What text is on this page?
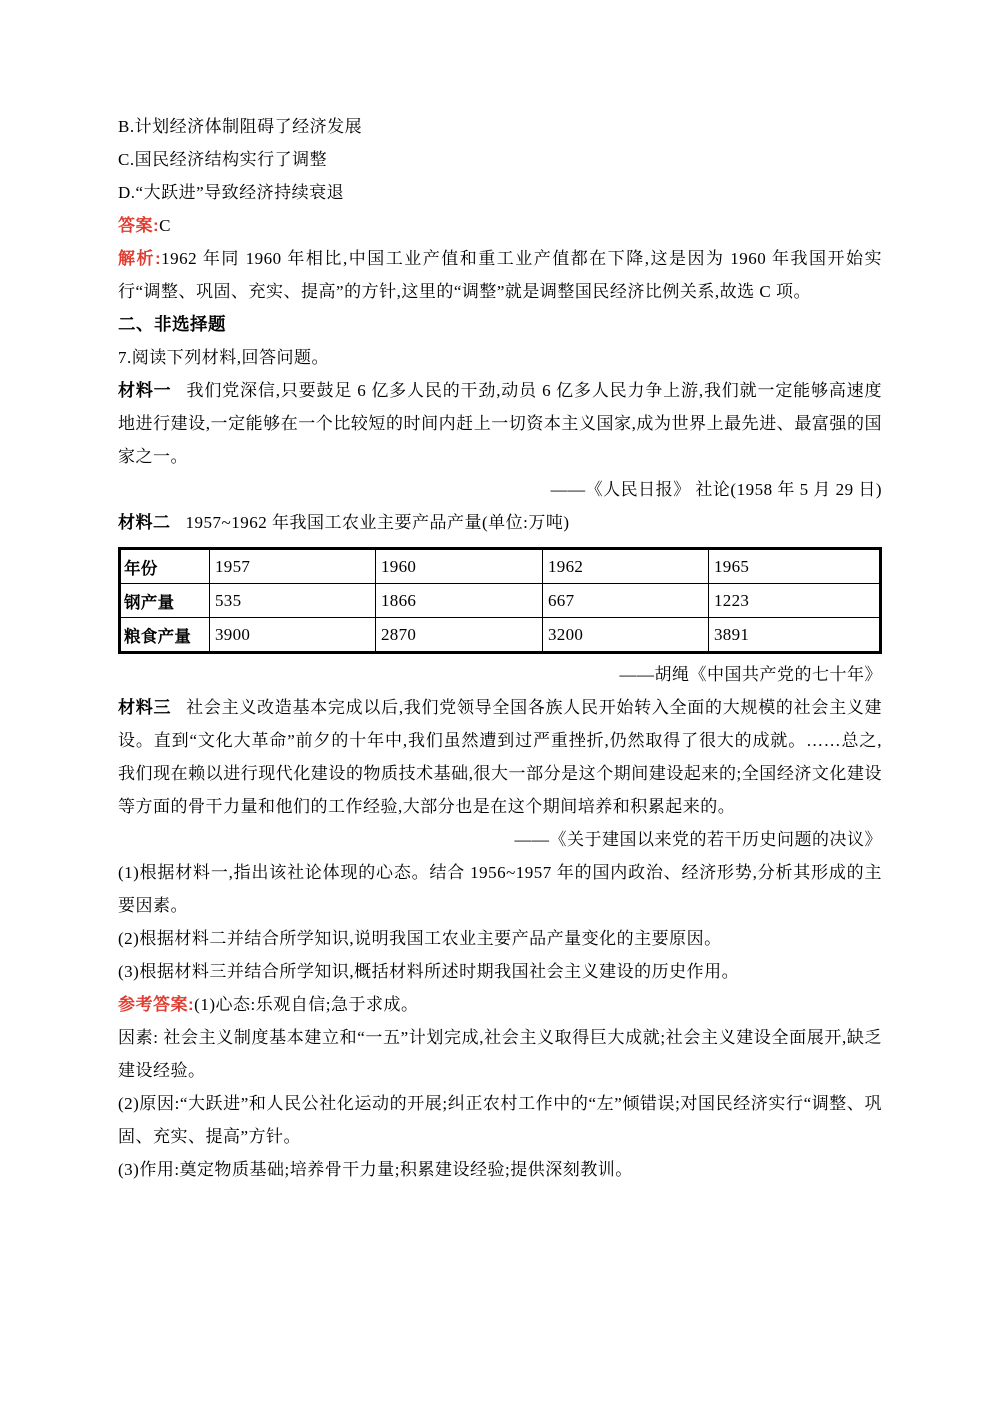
B.计划经济体制阻碍了经济发展

C.国民经济结构实行了调整

D.“大跃进”导致经济持续衰退

答案:C

解析:1962 年同 1960 年相比,中国工业产值和重工业产值都在下降,这是因为 1960 年我国开始实行“调整、巩固、充实、提高”的方针,这里的“调整”就是调整国民经济比例关系,故选 C 项。

二、非选择题

7.阅读下列材料,回答问题。

材料一 我们党深信,只要鼓足 6 亿多人民的干劲,动员 6 亿多人民力争上游,我们就一定能够高速度地进行建设,一定能够在一个比较短的时间内赶上一切资本主义国家,成为世界上最先进、最富强的国家之一。

——《人民日报》 社论(1958 年 5 月 29 日)

材料二 1957~1962 年我国工农业主要产品产量(单位:万吨)

年份	1957	1960	1962	1965
钢产量	535	1866	667	1223
粮食产量	3900	2870	3200	3891

——胡绳《中国共产党的七十年》

材料三 社会主义改造基本完成以后,我们党领导全国各族人民开始转入全面的大规模的社会主义建设。直到“文化大革命”前夕的十年中,我们虽然遭到过严重挫折,仍然取得了很大的成就。……总之,我们现在赖以进行现代化建设的物质技术基础,很大一部分是这个期间建设起来的;全国经济文化建设等方面的骨干力量和他们的工作经验,大部分也是在这个期间培养和积累起来的。

——《关于建国以来党的若干历史问题的决议》

(1)根据材料一,指出该社论体现的心态。结合 1956~1957 年的国内政治、经济形势,分析其形成的主要因素。

(2)根据材料二并结合所学知识,说明我国工农业主要产品产量变化的主要原因。

(3)根据材料三并结合所学知识,概括材料所述时期我国社会主义建设的历史作用。

参考答案:(1)心态:乐观自信;急于求成。

因素: 社会主义制度基本建立和“一五”计划完成,社会主义取得巨大成就;社会主义建设全面展开,缺乏建设经验。

(2)原因:“大跃进”和人民公社化运动的开展;纠正农村工作中的“左”倾错误;对国民经济实行“调整、巩固、充实、提高”方针。

(3)作用:奠定物质基础;培养骨干力量;积累建设经验;提供深刻教训。
